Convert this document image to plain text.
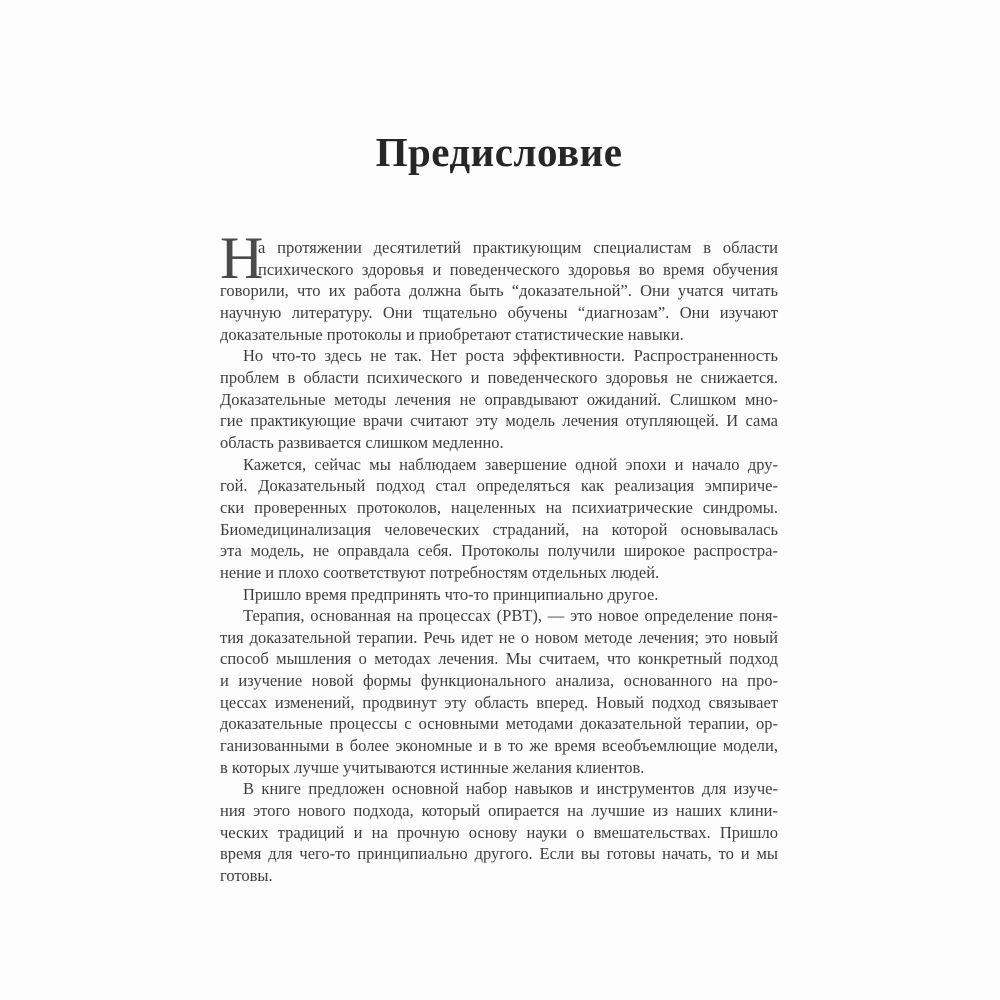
Предисловие
Н
а протяжении десятилетий практикующим специалистам в области
психического здоровья и поведенческого здоровья во время обучения
говорили, что их работа должна быть “доказательной”. Они учатся читать
научную литературу. Они тщательно обучены “диагнозам”. Они изучают
доказательные протоколы и приобретают статистические навыки.
Но что-то здесь не так. Нет роста эффективности. Распространенность
проблем в области психического и поведенческого здоровья не снижается.
Доказательные методы лечения не оправдывают ожиданий. Слишком мно-
гие практикующие врачи считают эту модель лечения отупляющей. И сама
область развивается слишком медленно.
Кажется, сейчас мы наблюдаем завершение одной эпохи и начало дру-
гой. Доказательный подход стал определяться как реализация эмпириче-
ски проверенных протоколов, нацеленных на психиатрические синдромы.
Биомедицинализация человеческих страданий, на которой основывалась
эта модель, не оправдала себя. Протоколы получили широкое распростра-
нение и плохо соответствуют потребностям отдельных людей.
Пришло время предпринять что-то принципиально другое.
Терапия, основанная на процессах (PBT), — это новое определение поня-
тия доказательной терапии. Речь идет не о новом методе лечения; это новый
способ мышления о методах лечения. Мы считаем, что конкретный подход
и изучение новой формы функционального анализа, основанного на про-
цессах изменений, продвинут эту область вперед. Новый подход связывает
доказательные процессы с основными методами доказательной терапии, ор-
ганизованными в более экономные и в то же время всеобъемлющие модели,
в которых лучше учитываются истинные желания клиентов.
В книге предложен основной набор навыков и инструментов для изуче-
ния этого нового подхода, который опирается на лучшие из наших клини-
ческих традиций и на прочную основу науки о вмешательствах. Пришло
время для чего-то принципиально другого. Если вы готовы начать, то и мы
готовы.
